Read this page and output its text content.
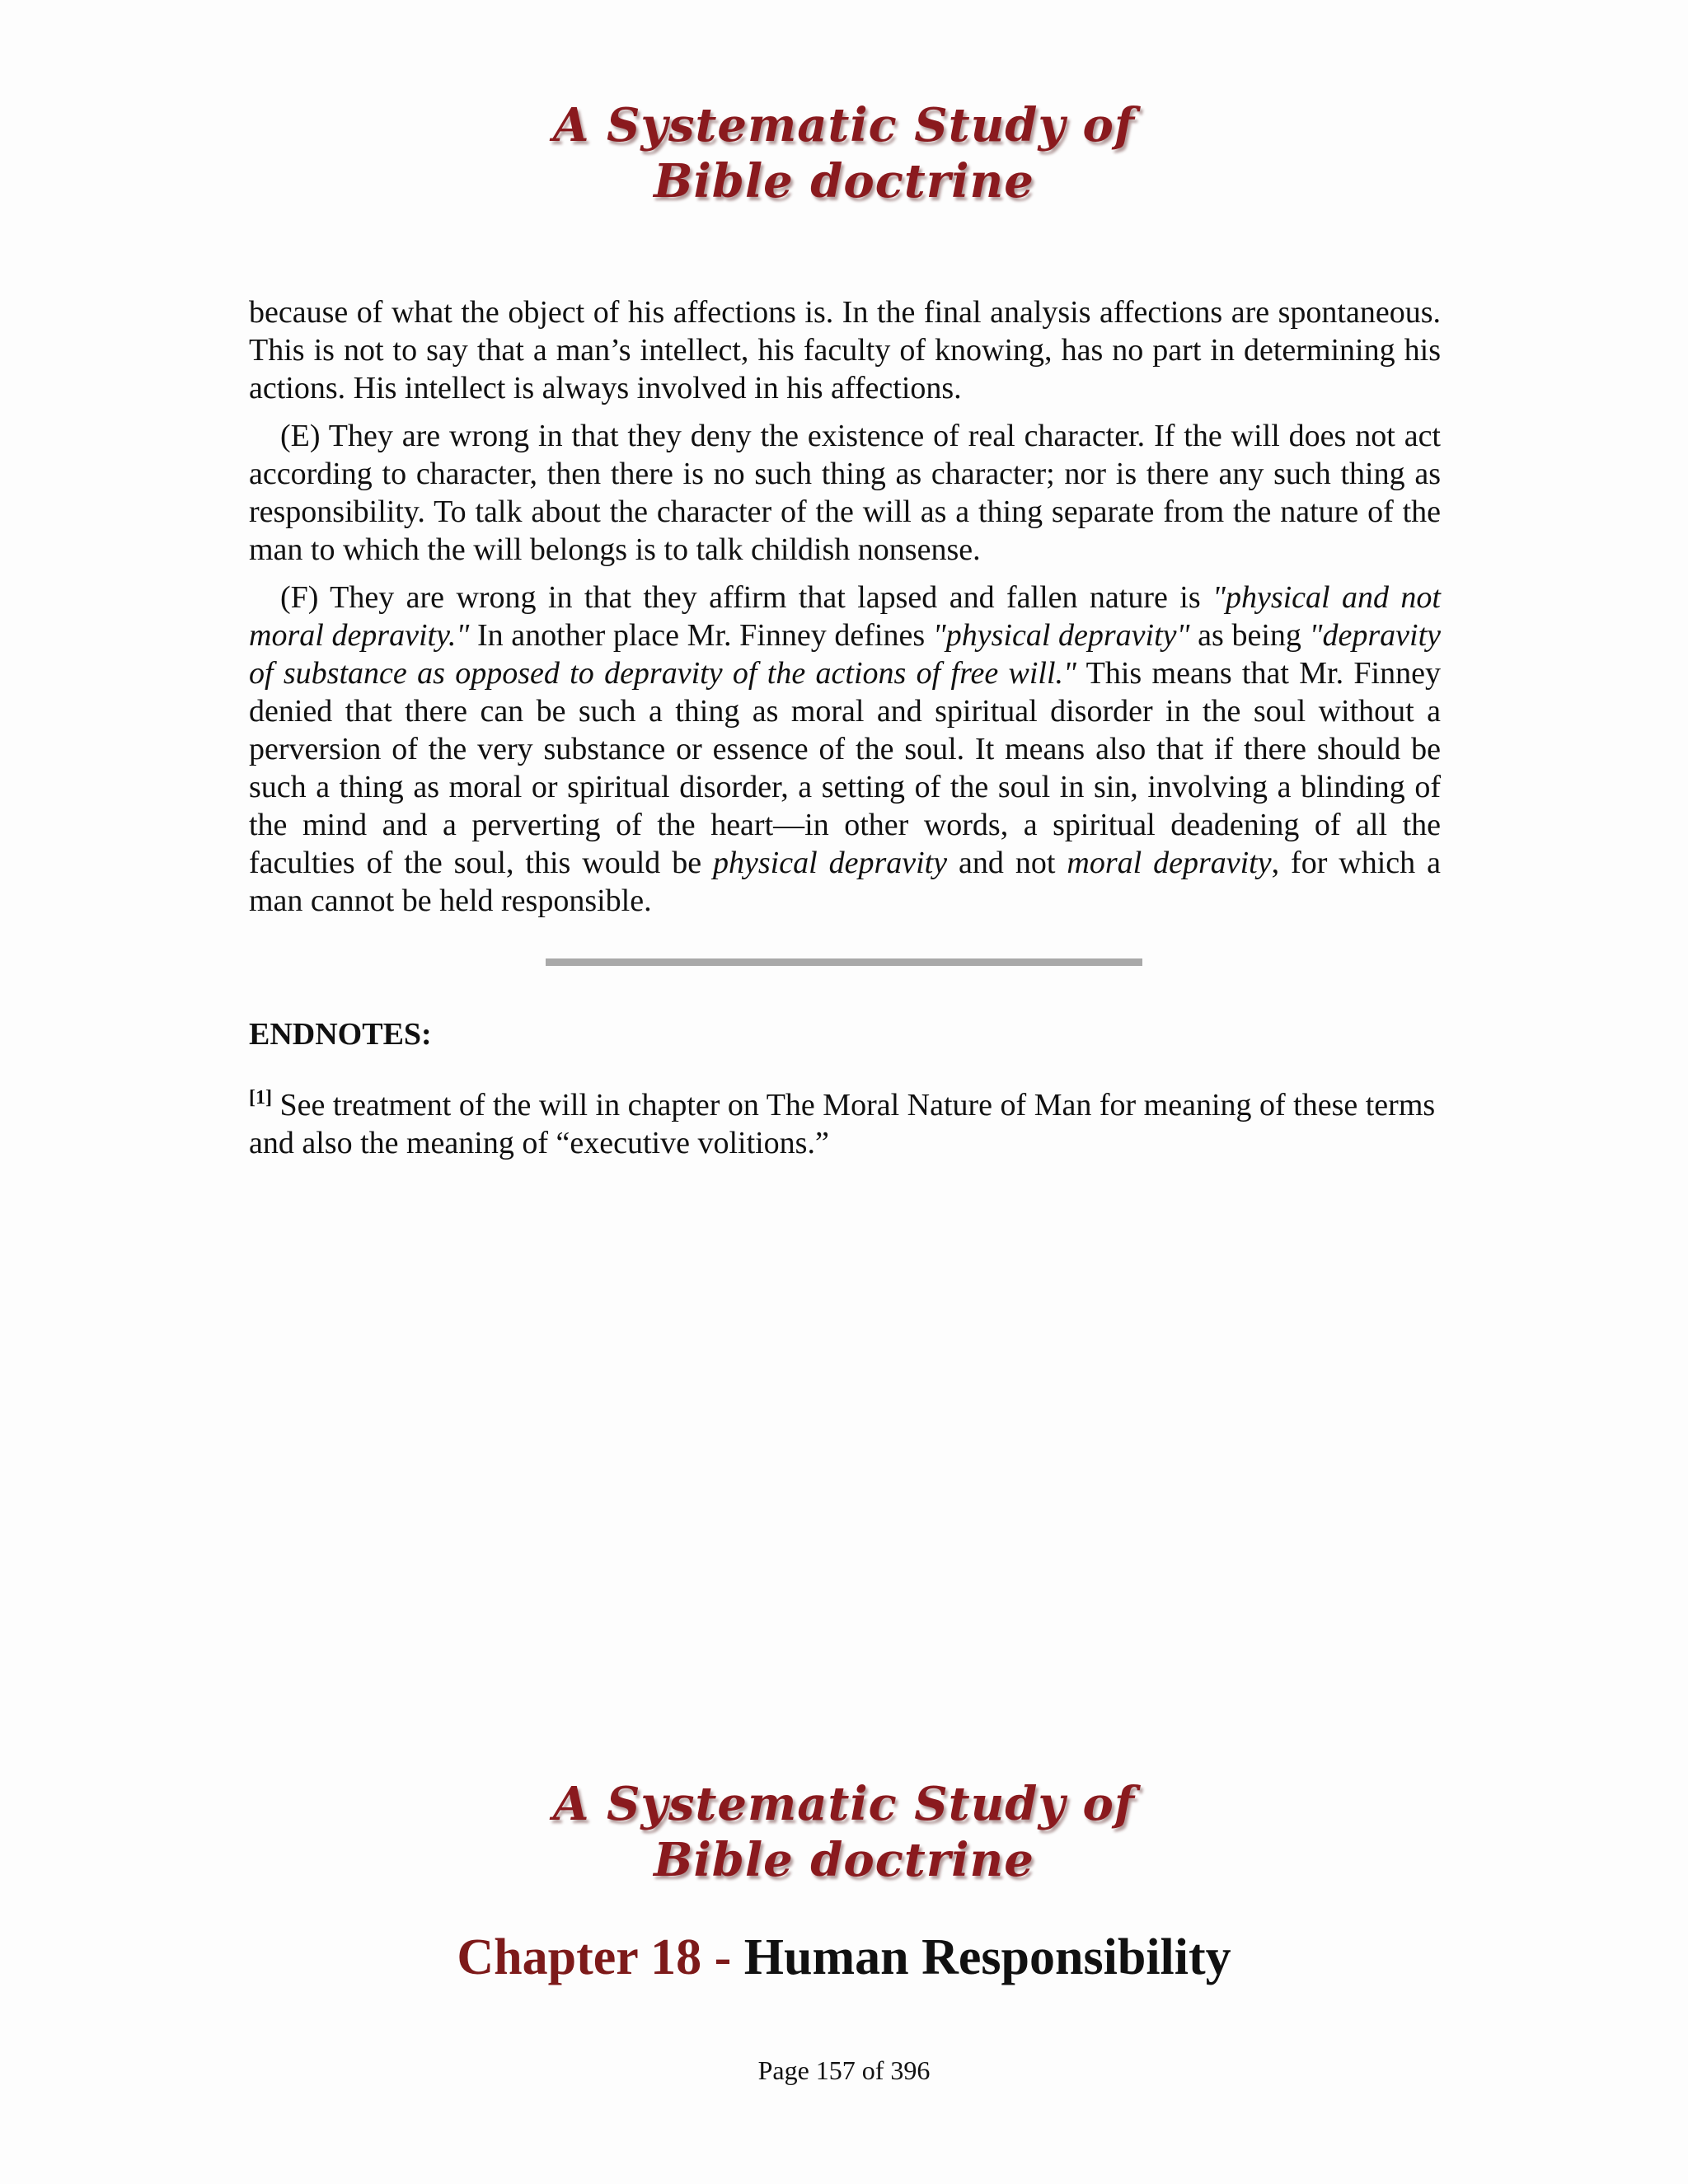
A Systematic Study of
Bible doctrine

because of what the object of his affections is. In the final analysis affections are spontaneous. This is not to say that a man’s intellect, his faculty of knowing, has no part in determining his actions. His intellect is always involved in his affections.

(E) They are wrong in that they deny the existence of real character. If the will does not act according to character, then there is no such thing as character; nor is there any such thing as responsibility. To talk about the character of the will as a thing separate from the nature of the man to which the will belongs is to talk childish nonsense.

(F) They are wrong in that they affirm that lapsed and fallen nature is "physical and not moral depravity." In another place Mr. Finney defines "physical depravity" as being "depravity of substance as opposed to depravity of the actions of free will." This means that Mr. Finney denied that there can be such a thing as moral and spiritual disorder in the soul without a perversion of the very substance or essence of the soul. It means also that if there should be such a thing as moral or spiritual disorder, a setting of the soul in sin, involving a blinding of the mind and a perverting of the heart—in other words, a spiritual deadening of all the faculties of the soul, this would be physical depravity and not moral depravity, for which a man cannot be held responsible.

ENDNOTES:
[1] See treatment of the will in chapter on The Moral Nature of Man for meaning of these terms and also the meaning of “executive volitions.”
A Systematic Study of
Bible doctrine
Chapter 18 - Human Responsibility
Page 157 of 396
